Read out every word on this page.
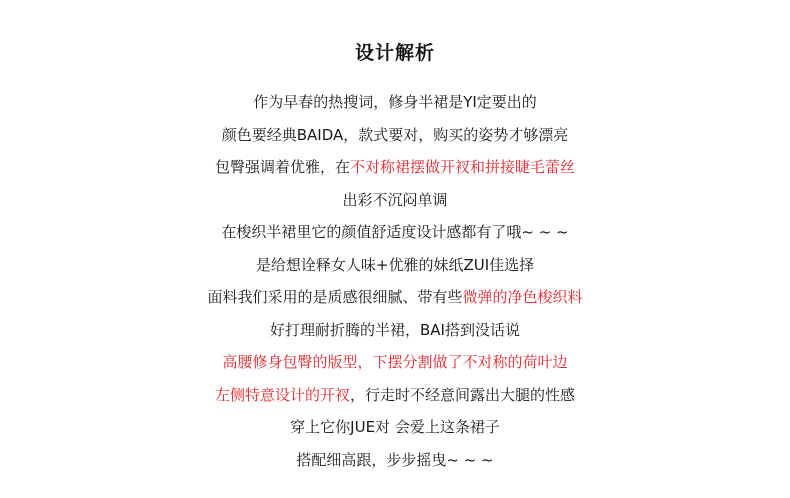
设计解析
作为早春的热搜词，修身半裙是YI定要出的
颜色要经典BAIDA，款式要对，购买的姿势才够漂亮
包臀强调着优雅，在不对称裙摆做开衩和拼接睫毛蕾丝
出彩不沉闷单调
在梭织半裙里它的颜值舒适度设计感都有了哦~ ~ ~
是给想诠释女人味+优雅的妹纸ZUI佳选择
面料我们采用的是质感很细腻、带有些微弹的净色梭织料
好打理耐折腾的半裙，BAI搭到没话说
高腰修身包臀的版型，下摆分割做了不对称的荷叶边
左侧特意设计的开衩，行走时不经意间露出大腿的性感
穿上它你JUE对 会爱上这条裙子
搭配细高跟，步步摇曳~ ~ ~
